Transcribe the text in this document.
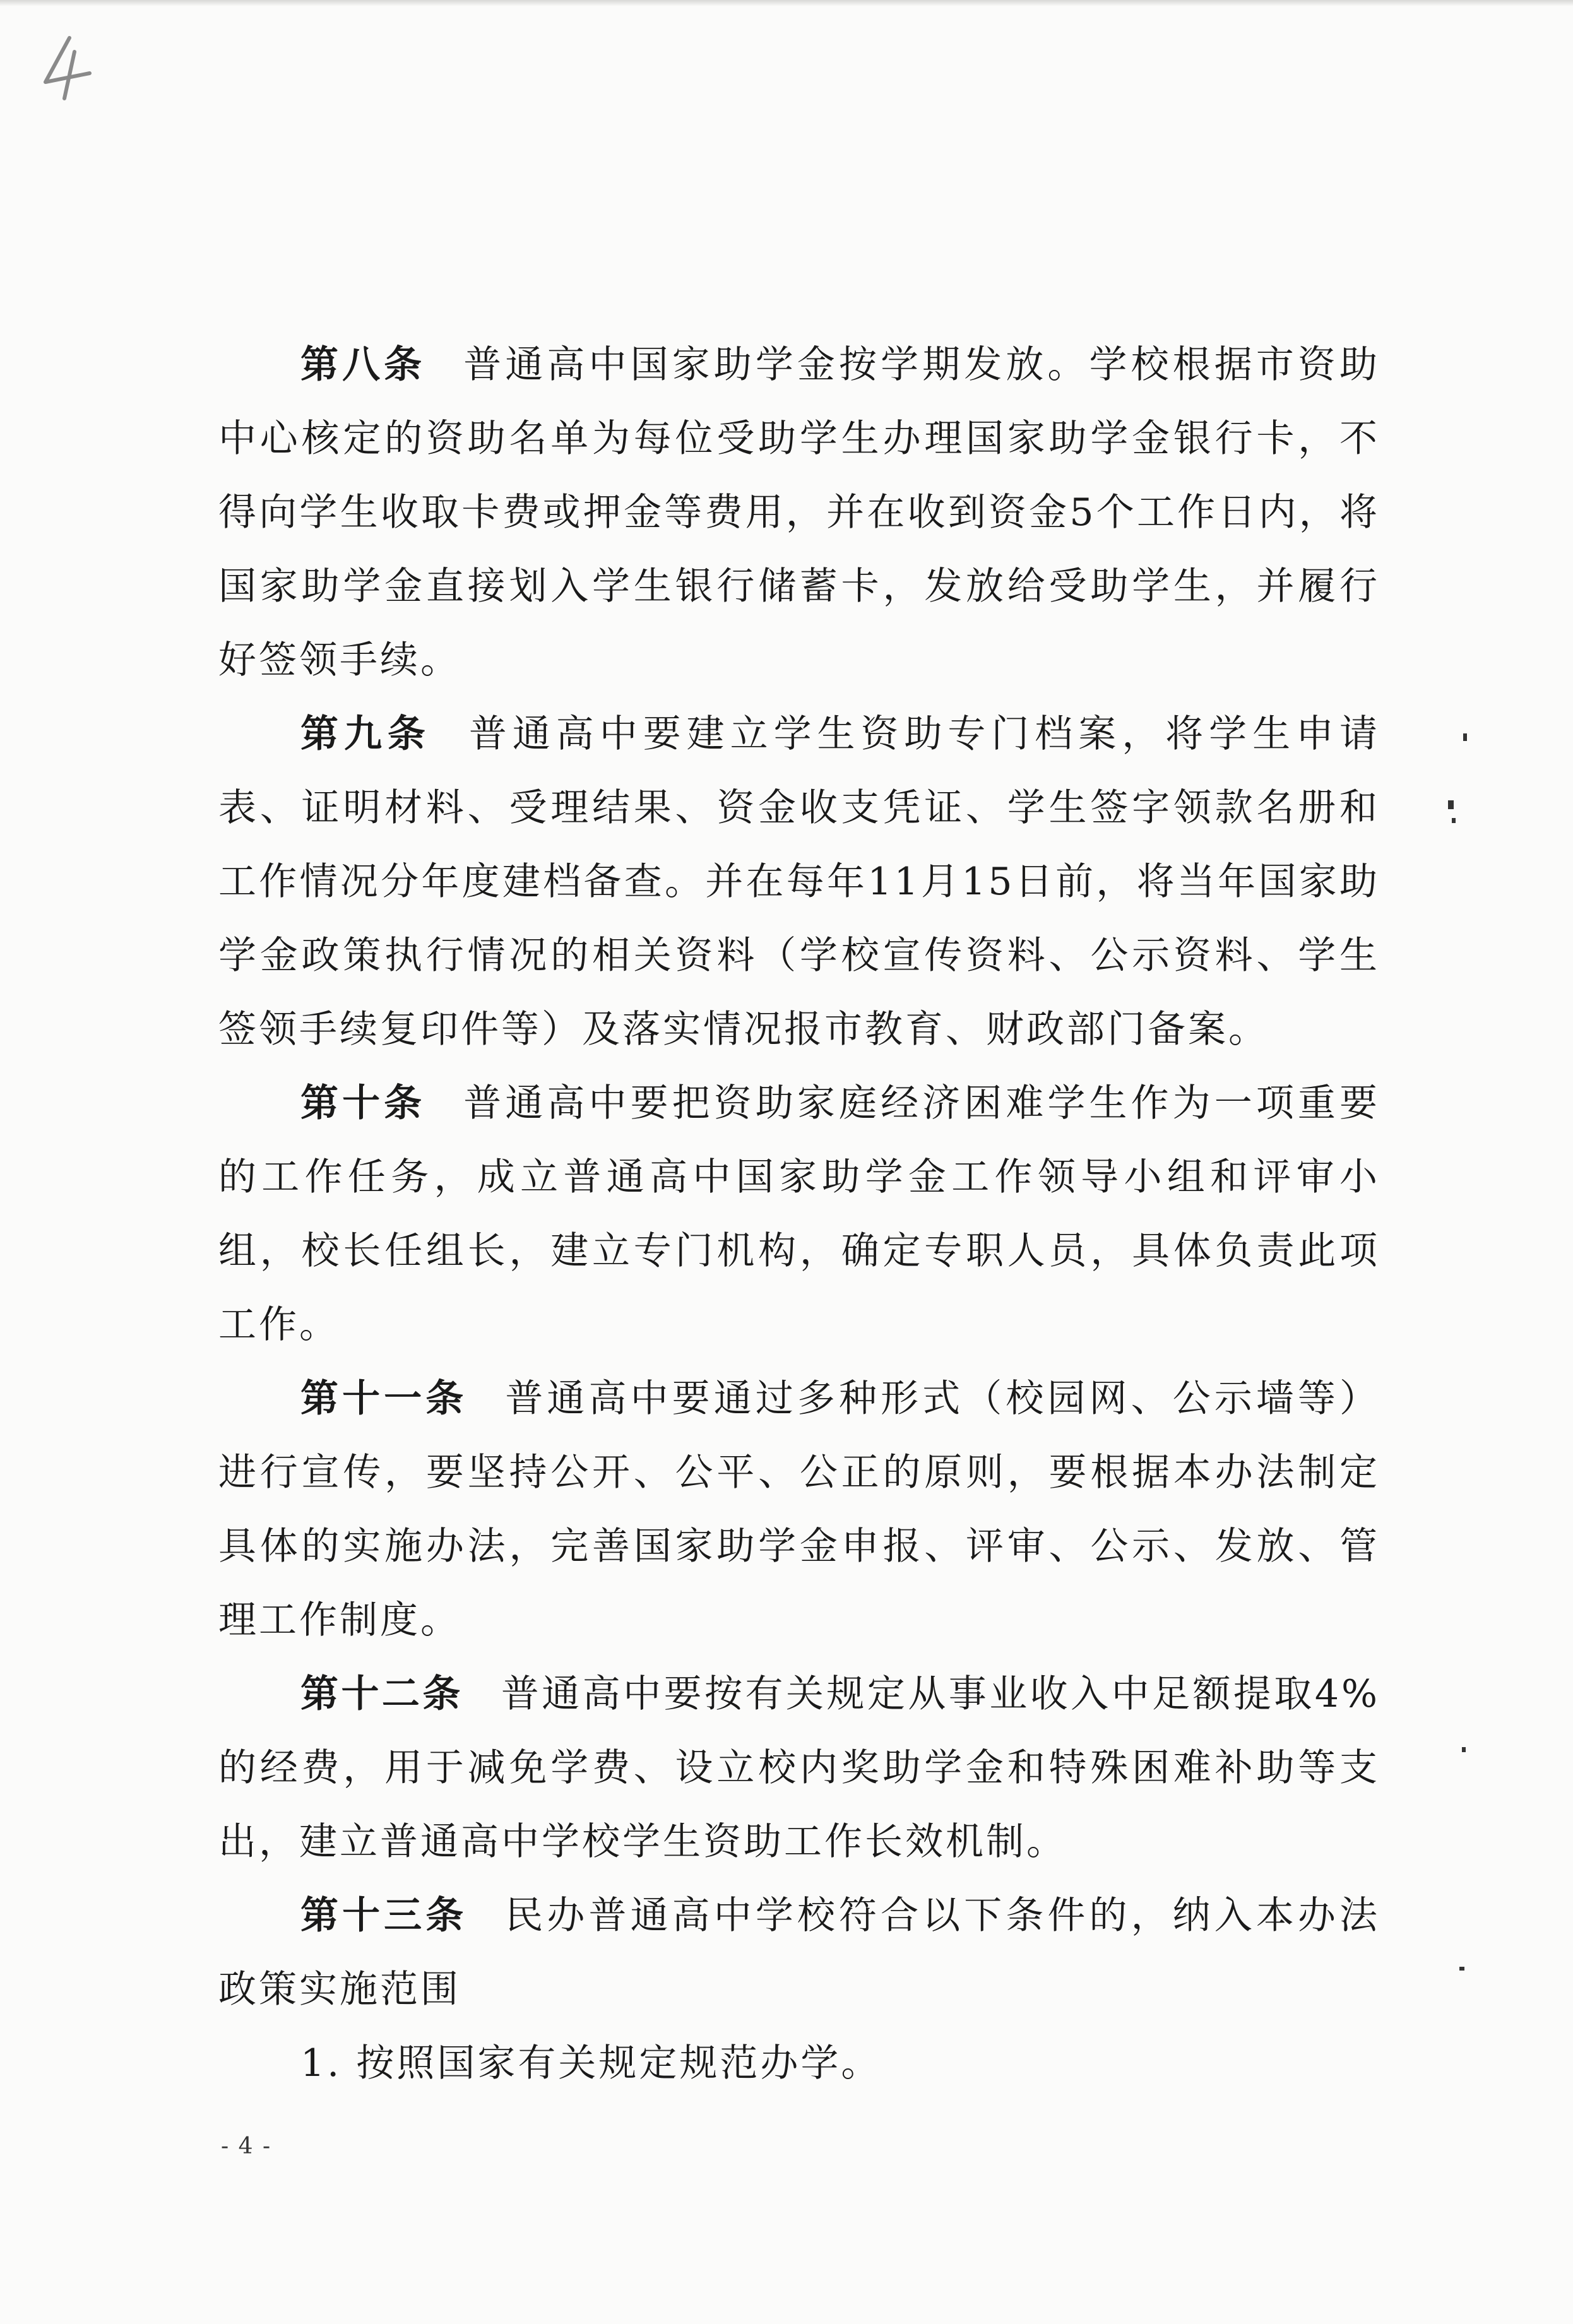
第八条 普通高中国家助学金按学期发放。学校根据市资助中心核定的资助名单为每位受助学生办理国家助学金银行卡，不得向学生收取卡费或押金等费用，并在收到资金5个工作日内，将国家助学金直接划入学生银行储蓄卡，发放给受助学生，并履行好签领手续。

第九条 普通高中要建立学生资助专门档案，将学生申请表、证明材料、受理结果、资金收支凭证、学生签字领款名册和工作情况分年度建档备查。并在每年11月15日前，将当年国家助学金政策执行情况的相关资料（学校宣传资料、公示资料、学生签领手续复印件等）及落实情况报市教育、财政部门备案。

第十条 普通高中要把资助家庭经济困难学生作为一项重要的工作任务，成立普通高中国家助学金工作领导小组和评审小组，校长任组长，建立专门机构，确定专职人员，具体负责此项工作。

第十一条 普通高中要通过多种形式（校园网、公示墙等）进行宣传，要坚持公开、公平、公正的原则，要根据本办法制定具体的实施办法，完善国家助学金申报、评审、公示、发放、管理工作制度。

第十二条 普通高中要按有关规定从事业收入中足额提取4%的经费，用于减免学费、设立校内奖助学金和特殊困难补助等支出，建立普通高中学校学生资助工作长效机制。

第十三条 民办普通高中学校符合以下条件的，纳入本办法政策实施范围

1. 按照国家有关规定规范办学。

- 4 -
